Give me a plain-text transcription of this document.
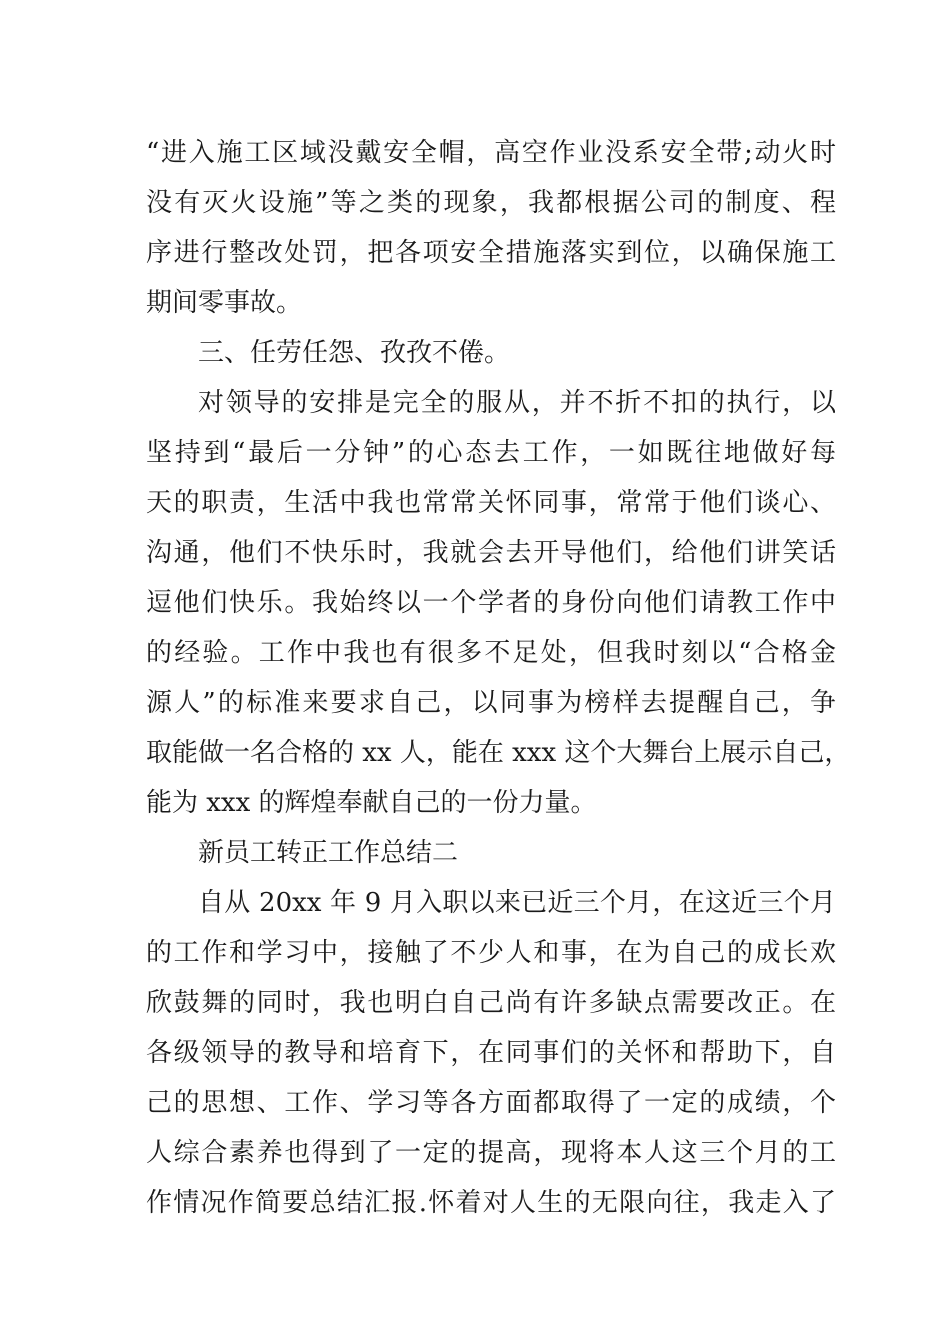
“进入施工区域没戴安全帽，高空作业没系安全带;动火时
没有灭火设施”等之类的现象，我都根据公司的制度、程
序进行整改处罚，把各项安全措施落实到位，以确保施工
期间零事故。
三、任劳任怨、孜孜不倦。
对领导的安排是完全的服从，并不折不扣的执行，以
坚持到“最后一分钟”的心态去工作，一如既往地做好每
天的职责，生活中我也常常关怀同事，常常于他们谈心、
沟通，他们不快乐时，我就会去开导他们，给他们讲笑话
逗他们快乐。我始终以一个学者的身份向他们请教工作中
的经验。工作中我也有很多不足处，但我时刻以“合格金
源人”的标准来要求自己，以同事为榜样去提醒自己，争
取能做一名合格的 xx 人，能在 xxx 这个大舞台上展示自己，
能为 xxx 的辉煌奉献自己的一份力量。
新员工转正工作总结二
自从 20xx 年 9 月入职以来已近三个月，在这近三个月
的工作和学习中，接触了不少人和事，在为自己的成长欢
欣鼓舞的同时，我也明白自己尚有许多缺点需要改正。在
各级领导的教导和培育下，在同事们的关怀和帮助下，自
己的思想、工作、学习等各方面都取得了一定的成绩，个
人综合素养也得到了一定的提高，现将本人这三个月的工
作情况作简要总结汇报.怀着对人生的无限向往，我走入了
